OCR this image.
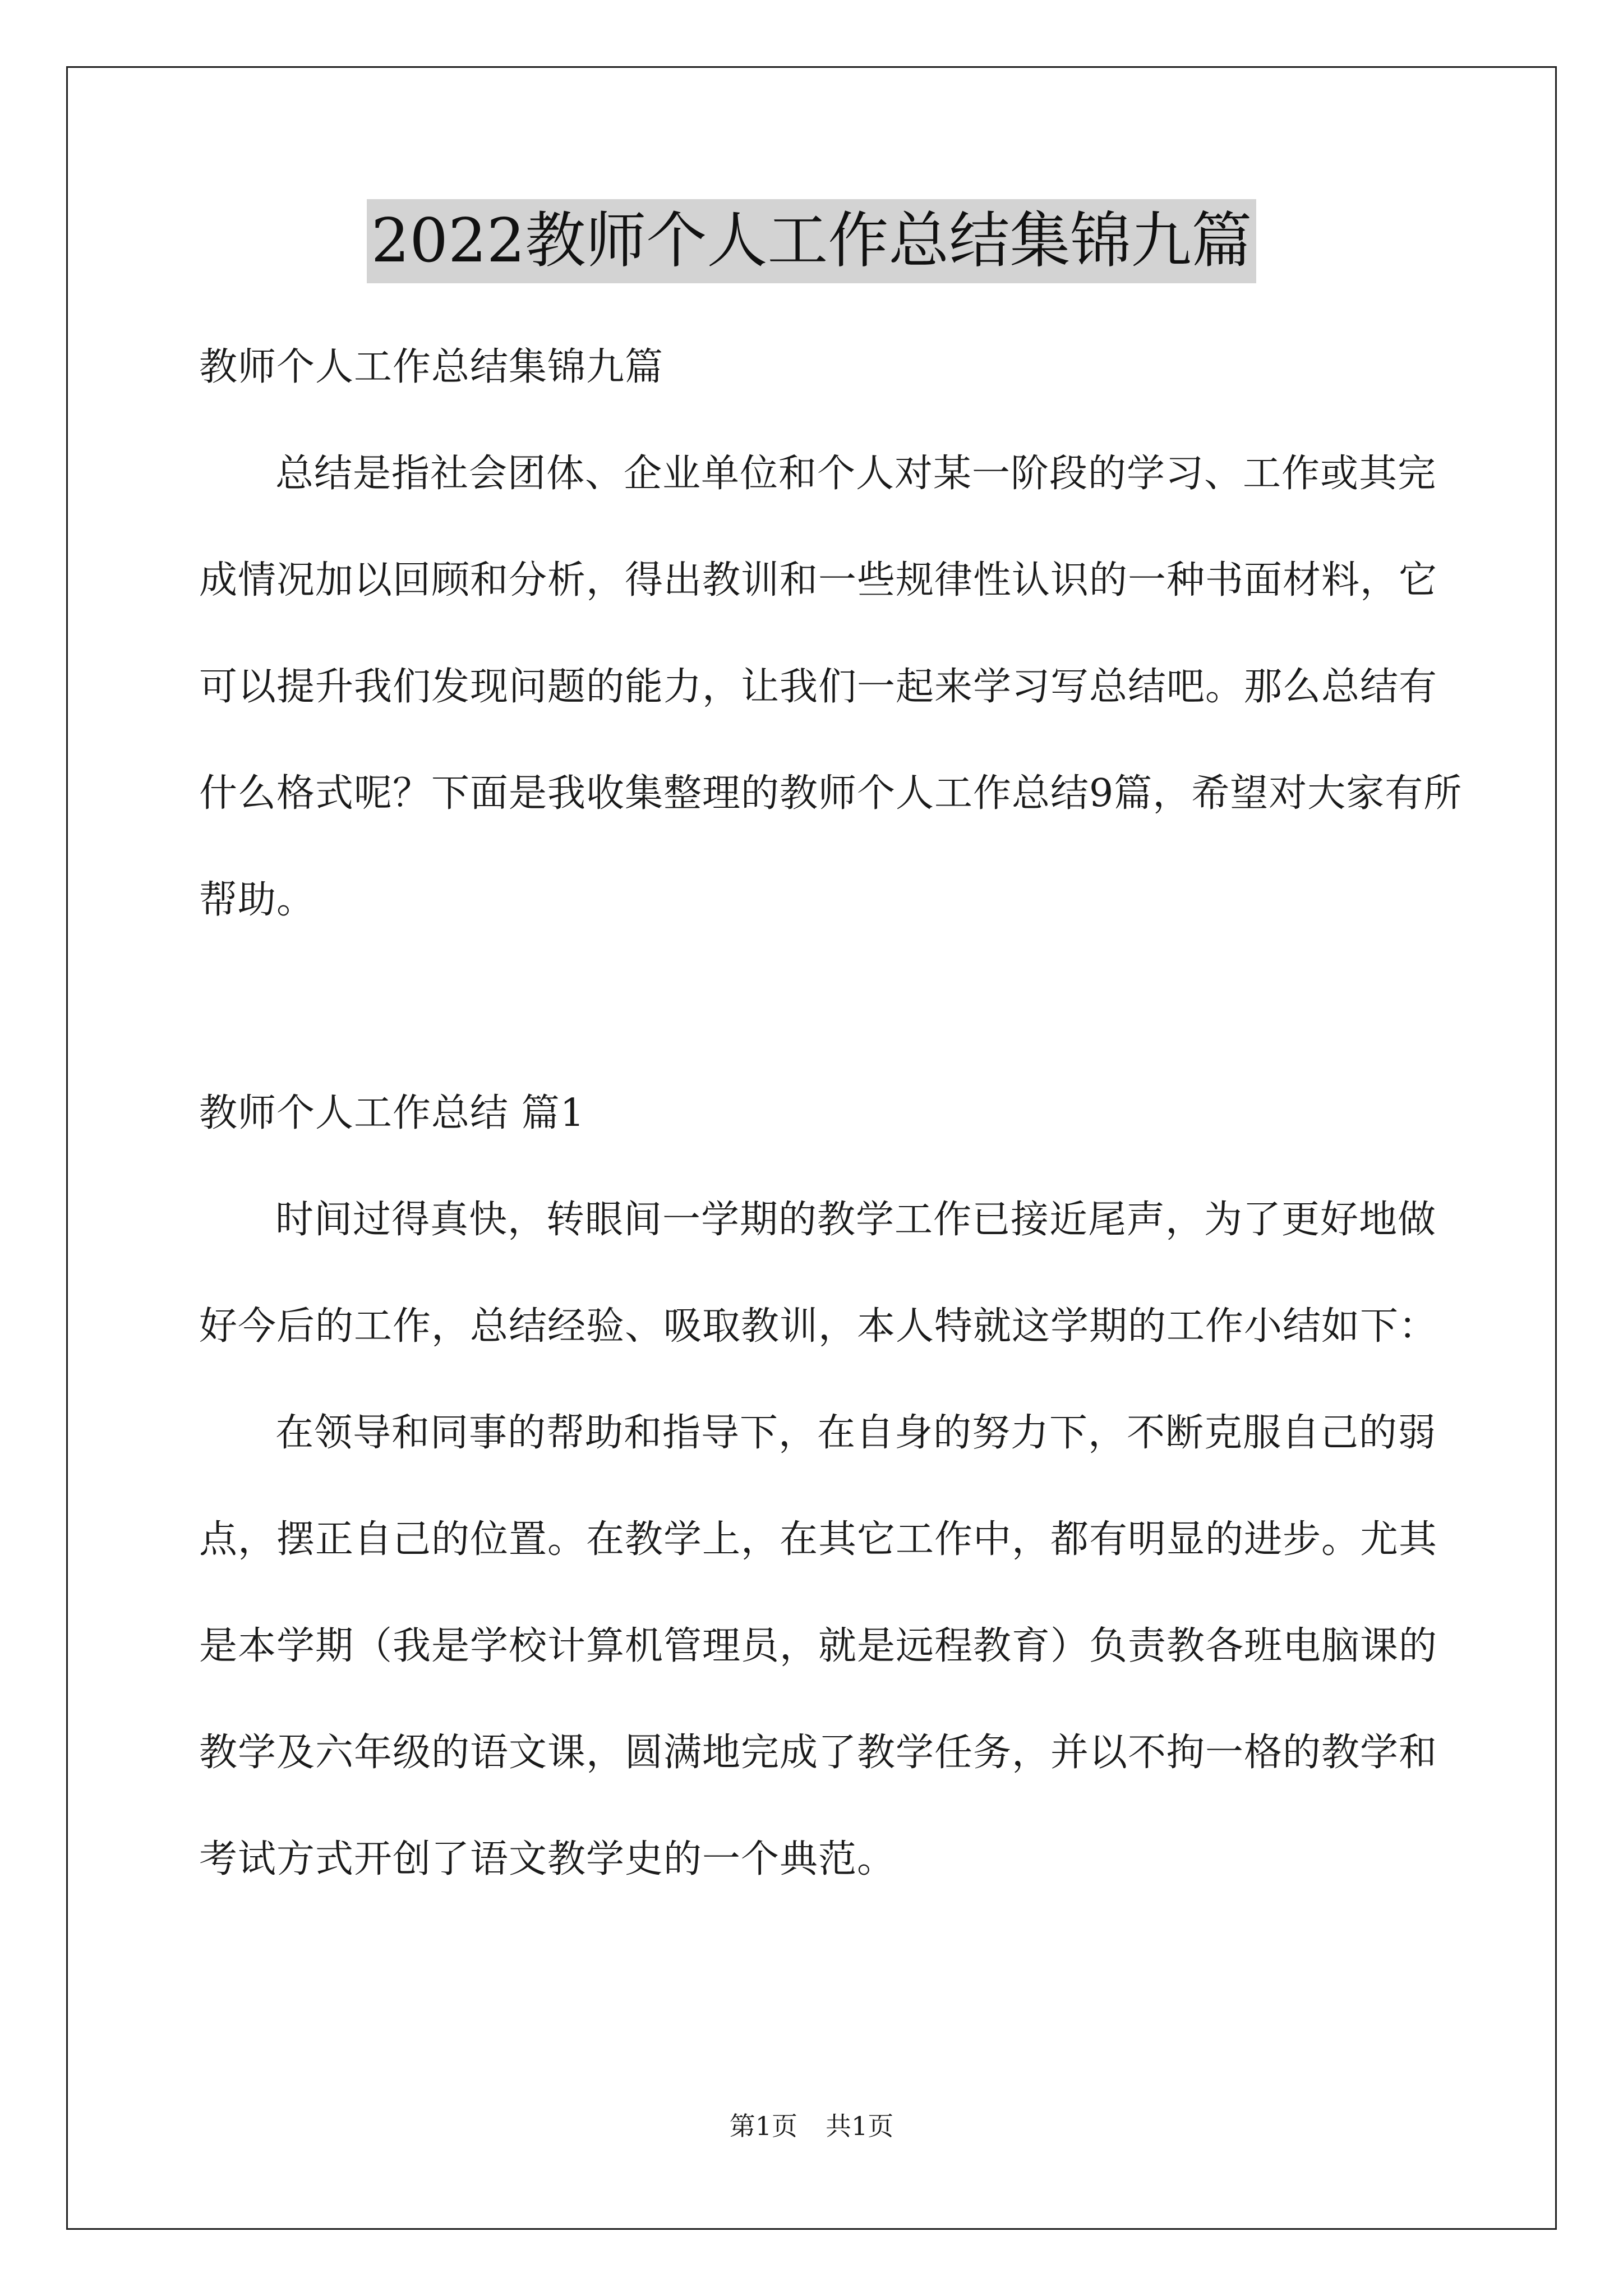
2022教师个人工作总结集锦九篇

教师个人工作总结集锦九篇

总结是指社会团体、企业单位和个人对某一阶段的学习、工作或其完成情况加以回顾和分析，得出教训和一些规律性认识的一种书面材料，它可以提升我们发现问题的能力，让我们一起来学习写总结吧。那么总结有什么格式呢？下面是我收集整理的教师个人工作总结9篇，希望对大家有所帮助。

教师个人工作总结 篇1

时间过得真快，转眼间一学期的教学工作已接近尾声，为了更好地做好今后的工作，总结经验、吸取教训，本人特就这学期的工作小结如下：

在领导和同事的帮助和指导下，在自身的努力下，不断克服自己的弱点，摆正自己的位置。在教学上，在其它工作中，都有明显的进步。尤其是本学期（我是学校计算机管理员，就是远程教育）负责教各班电脑课的教学及六年级的语文课，圆满地完成了教学任务，并以不拘一格的教学和考试方式开创了语文教学史的一个典范。

第1页 共1页
